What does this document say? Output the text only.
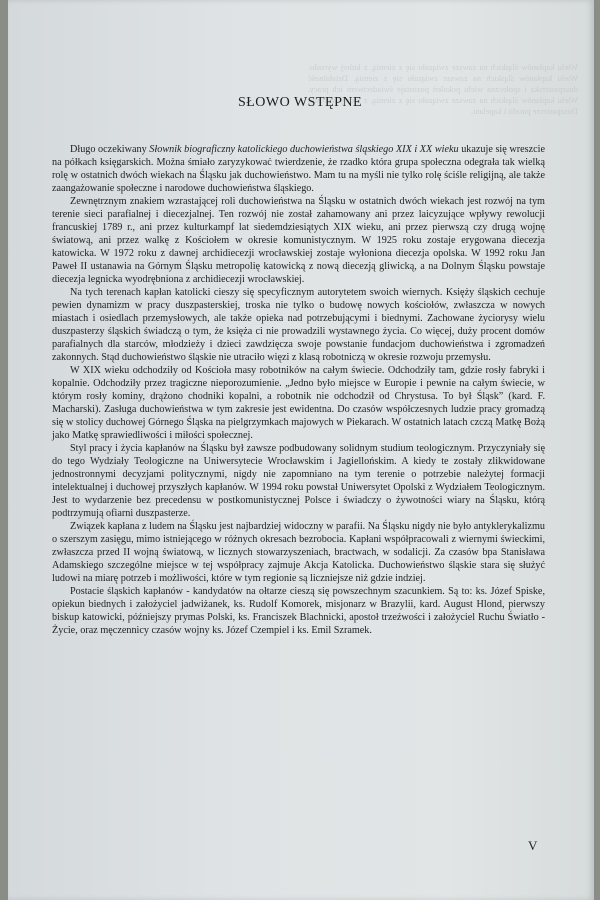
Wielu kapłanów śląskich na zawsze związało się z ziemią, z której wyrosło. Wielu kapłanów śląskich na zawsze związało się z ziemią. Działalność duszpasterska i społeczna wielu pokoleń pozostaje świadectwem ich pracy. Wielu kapłanów śląskich na zawsze związało się z ziemią, z której wyrosło. Duszpasterze parafii i kapelani.
SŁOWO WSTĘPNE

Długo oczekiwany Słownik biograficzny katolickiego duchowieństwa śląskiego XIX i XX wieku ukazuje się wreszcie na półkach księgarskich. Można śmiało zaryzykować twierdzenie, że rzadko która grupa społeczna odegrała tak wielką rolę w ostatnich dwóch wiekach na Śląsku jak duchowieństwo. Mam tu na myśli nie tylko rolę ściśle religijną, ale także zaangażowanie społeczne i narodowe duchowieństwa śląskiego.

Zewnętrznym znakiem wzrastającej roli duchowieństwa na Śląsku w ostatnich dwóch wiekach jest rozwój na tym terenie sieci parafialnej i diecezjalnej. Ten rozwój nie został zahamowany ani przez laicyzujące wpływy rewolucji francuskiej 1789 r., ani przez kulturkampf lat siedemdziesiątych XIX wieku, ani przez pierwszą czy drugą wojnę światową, ani przez walkę z Kościołem w okresie komunistycznym. W 1925 roku zostaje erygowana diecezja katowicka. W 1972 roku z dawnej archidiecezji wrocławskiej zostaje wyłoniona diecezja opolska. W 1992 roku Jan Paweł II ustanawia na Górnym Śląsku metropolię katowicką z nową diecezją gliwicką, a na Dolnym Śląsku powstaje diecezja legnicka wyodrębniona z archidiecezji wrocławskiej.

Na tych terenach kapłan katolicki cieszy się specyficznym autorytetem swoich wiernych. Księży śląskich cechuje pewien dynamizm w pracy duszpasterskiej, troska nie tylko o budowę nowych kościołów, zwłaszcza w nowych miastach i osiedlach przemysłowych, ale także opieka nad potrzebującymi i biednymi. Zachowane życiorysy wielu duszpasterzy śląskich świadczą o tym, że księża ci nie prowadzili wystawnego życia. Co więcej, duży procent domów parafialnych dla starców, młodzieży i dzieci zawdzięcza swoje powstanie fundacjom duchowieństwa i zgromadzeń zakonnych. Stąd duchowieństwo śląskie nie utraciło więzi z klasą robotniczą w okresie rozwoju przemysłu.

W XIX wieku odchodziły od Kościoła masy robotników na całym świecie. Odchodziły tam, gdzie rosły fabryki i kopalnie. Odchodziły przez tragiczne nieporozumienie. „Jedno było miejsce w Europie i pewnie na całym świecie, w którym rosły kominy, drążono chodniki kopalni, a robotnik nie odchodził od Chrystusa. To był Śląsk” (kard. F. Macharski). Zasługa duchowieństwa w tym zakresie jest ewidentna. Do czasów współczesnych ludzie pracy gromadzą się w stolicy duchowej Górnego Śląska na pielgrzymkach majowych w Piekarach. W ostatnich latach czczą Matkę Bożą jako Matkę sprawiedliwości i miłości społecznej.

Styl pracy i życia kapłanów na Śląsku był zawsze podbudowany solidnym studium teologicznym. Przyczyniały się do tego Wydziały Teologiczne na Uniwersytecie Wrocławskim i Jagiellońskim. A kiedy te zostały zlikwidowane jednostronnymi decyzjami politycznymi, nigdy nie zapomniano na tym terenie o potrzebie należytej formacji intelektualnej i duchowej przyszłych kapłanów. W 1994 roku powstał Uniwersytet Opolski z Wydziałem Teologicznym. Jest to wydarzenie bez precedensu w postkomunistycznej Polsce i świadczy o żywotności wiary na Śląsku, którą podtrzymują ofiarni duszpasterze.

Związek kapłana z ludem na Śląsku jest najbardziej widoczny w parafii. Na Śląsku nigdy nie było antyklerykalizmu o szerszym zasięgu, mimo istniejącego w różnych okresach bezrobocia. Kapłani współpracowali z wiernymi świeckimi, zwłaszcza przed II wojną światową, w licznych stowarzyszeniach, bractwach, w sodalicji. Za czasów bpa Stanisława Adamskiego szczególne miejsce w tej współpracy zajmuje Akcja Katolicka. Duchowieństwo śląskie stara się służyć ludowi na miarę potrzeb i możliwości, które w tym regionie są liczniejsze niż gdzie indziej.

Postacie śląskich kapłanów - kandydatów na ołtarze cieszą się powszechnym szacunkiem. Są to: ks. Józef Spiske, opiekun biednych i założyciel jadwiżanek, ks. Rudolf Komorek, misjonarz w Brazylii, kard. August Hlond, pierwszy biskup katowicki, późniejszy prymas Polski, ks. Franciszek Blachnicki, apostoł trzeźwości i założyciel Ruchu Światło - Życie, oraz męczennicy czasów wojny ks. Józef Czempiel i ks. Emil Szramek.

V
